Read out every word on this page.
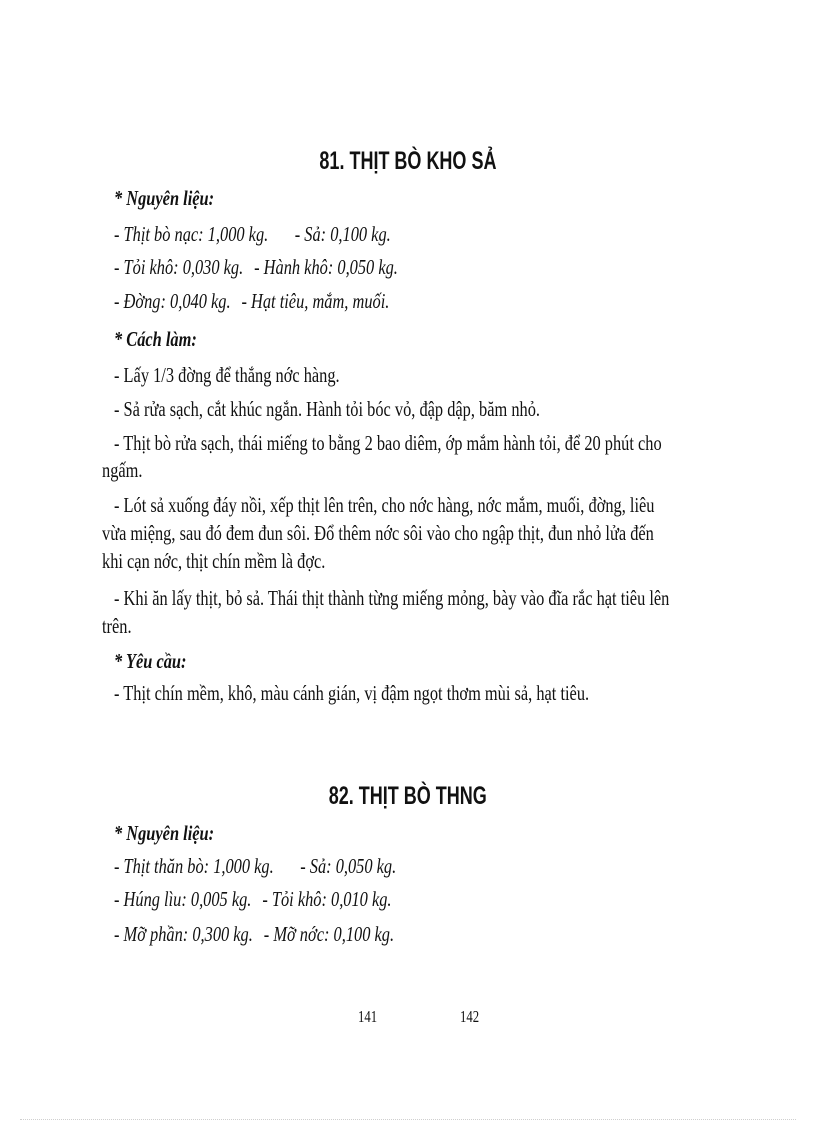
81. THỊT BÒ KHO SẢ
* Nguyên liệu:
- Thịt bò nạc: 1,000 kg. - Sả: 0,100 kg.
- Tỏi khô: 0,030 kg. - Hành khô: 0,050 kg.
- Đờng: 0,040 kg. - Hạt tiêu, mắm, muối.
* Cách làm:
- Lấy 1/3 đờng để thắng nớc hàng.
- Sả rửa sạch, cắt khúc ngắn. Hành tỏi bóc vỏ, đập dập, băm nhỏ.
- Thịt bò rửa sạch, thái miếng to bằng 2 bao diêm, ớp mắm hành tỏi, để 20 phút cho
ngấm.
- Lót sả xuống đáy nồi, xếp thịt lên trên, cho nớc hàng, nớc mắm, muối, đờng, liêu
vừa miệng, sau đó đem đun sôi. Đổ thêm nớc sôi vào cho ngập thịt, đun nhỏ lửa đến
khi cạn nớc, thịt chín mềm là đợc.
- Khi ăn lấy thịt, bỏ sả. Thái thịt thành từng miếng mỏng, bày vào đĩa rắc hạt tiêu lên
trên.
* Yêu cầu:
- Thịt chín mềm, khô, màu cánh gián, vị đậm ngọt thơm mùi sả, hạt tiêu.
82. THỊT BÒ THNG
* Nguyên liệu:
- Thịt thăn bò: 1,000 kg. - Sả: 0,050 kg.
- Húng lìu: 0,005 kg. - Tỏi khô: 0,010 kg.
- Mỡ phần: 0,300 kg. - Mỡ nớc: 0,100 kg.
141	142
